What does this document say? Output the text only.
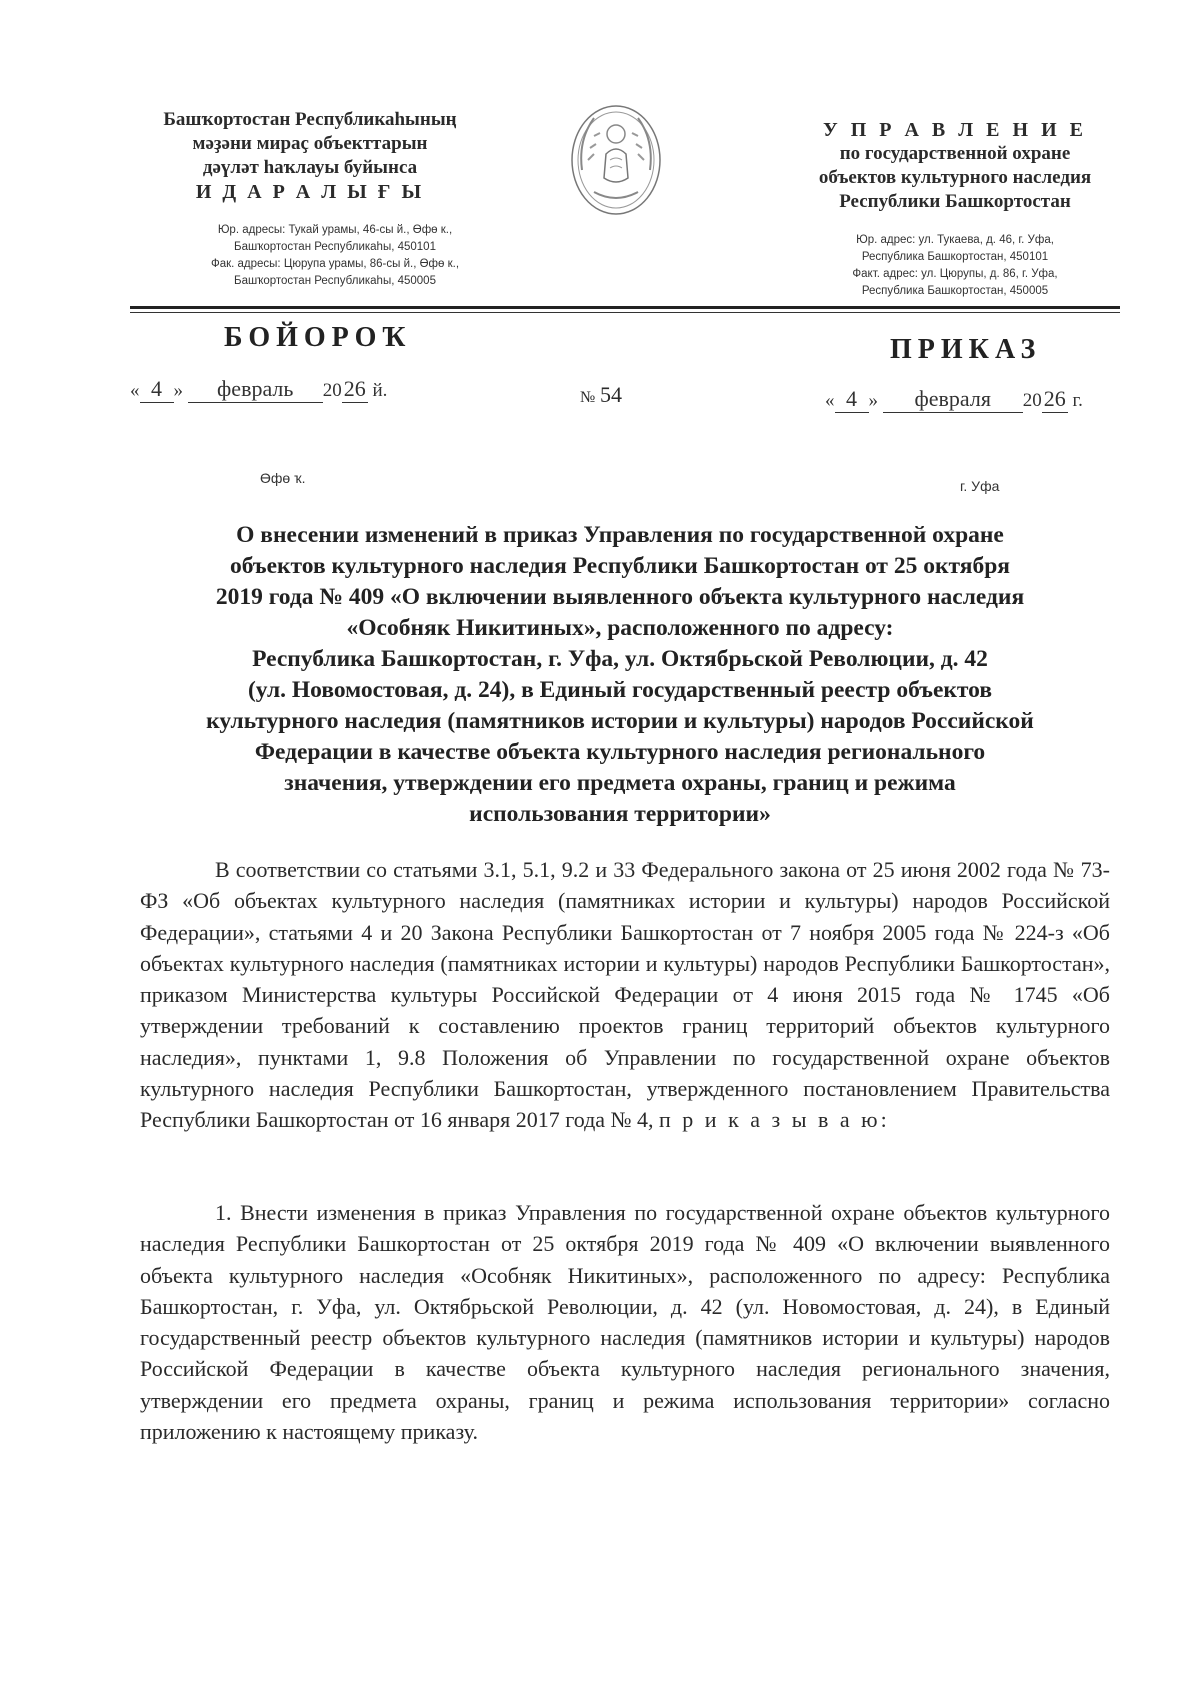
Башҡортостан Республикаһының
мәҙәни мираҫ объекттарын
дәүләт һаҡлауы буйынса
И Д А Р А Л Ы Ғ Ы
Юр. адресы: Тукай урамы, 46-сы й., Өфө к.,
Башҡортостан Республикаһы, 450101
Фак. адресы: Цюрупа урамы, 86-сы й., Өфө к.,
Башҡортостан Республикаһы, 450005
У П Р А В Л Е Н И Е
по государственной охране
объектов культурного наследия
Республики Башкортостан
Юр. адрес: ул. Тукаева, д. 46, г. Уфа,
Республика Башкортостан, 450101
Факт. адрес: ул. Цюрупы, д. 86, г. Уфа,
Республика Башкортостан, 450005
БОЙОРОҠ	ПРИКАЗ
« 4 » февраль 2026 й.	№ 54	« 4 » февраля 2026 г.
Өфө ҡ.	г. Уфа
О внесении изменений в приказ Управления по государственной охране
объектов культурного наследия Республики Башкортостан от 25 октября
2019 года № 409 «О включении выявленного объекта культурного наследия
«Особняк Никитиных», расположенного по адресу:
Республика Башкортостан, г. Уфа, ул. Октябрьской Революции, д. 42
(ул. Новомостовая, д. 24), в Единый государственный реестр объектов
культурного наследия (памятников истории и культуры) народов Российской
Федерации в качестве объекта культурного наследия регионального
значения, утверждении его предмета охраны, границ и режима
использования территории»
В соответствии со статьями 3.1, 5.1, 9.2 и 33 Федерального закона от 25 июня 2002 года № 73-ФЗ «Об объектах культурного наследия (памятниках истории и культуры) народов Российской Федерации», статьями 4 и 20 Закона Республики Башкортостан от 7 ноября 2005 года № 224-з «Об объектах культурного наследия (памятниках истории и культуры) народов Республики Башкортостан», приказом Министерства культуры Российской Федерации от 4 июня 2015 года № 1745 «Об утверждении требований к составлению проектов границ территорий объектов культурного наследия», пунктами 1, 9.8 Положения об Управлении по государственной охране объектов культурного наследия Республики Башкортостан, утвержденного постановлением Правительства Республики Башкортостан от 16 января 2017 года № 4, п р и к а з ы в а ю:
1. Внести изменения в приказ Управления по государственной охране объектов культурного наследия Республики Башкортостан от 25 октября 2019 года № 409 «О включении выявленного объекта культурного наследия «Особняк Никитиных», расположенного по адресу: Республика Башкортостан, г. Уфа, ул. Октябрьской Революции, д. 42 (ул. Новомостовая, д. 24), в Единый государственный реестр объектов культурного наследия (памятников истории и культуры) народов Российской Федерации в качестве объекта культурного наследия регионального значения, утверждении его предмета охраны, границ и режима использования территории» согласно приложению к настоящему приказу.
